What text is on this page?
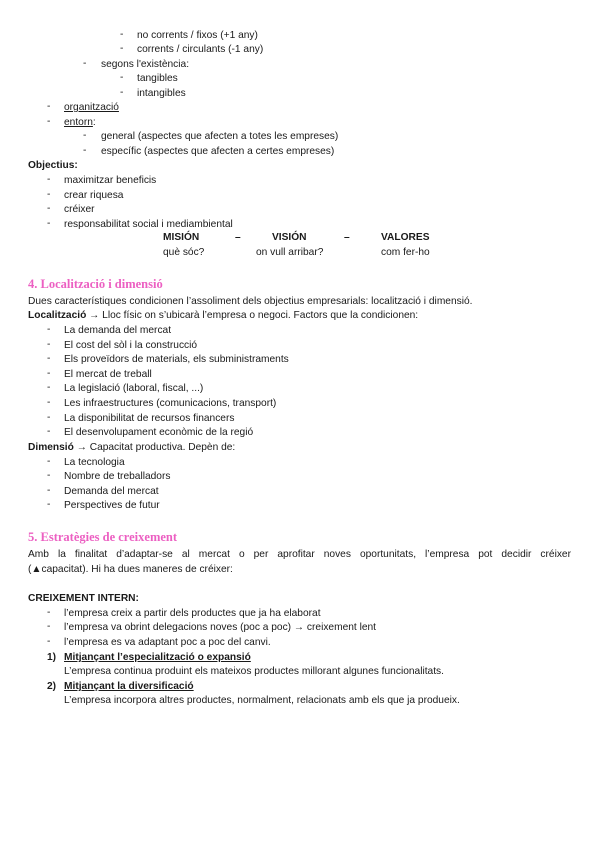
- no corrents / fixos (+1 any)
- corrents / circulants (-1 any)
- segons l'existència:
- tangibles
- intangibles
- organització
- entorn:
- general (aspectes que afecten a totes les empreses)
- específic (aspectes que afecten a certes empreses)
Objectius:
- maximitzar beneficis
- crear riquesa
- créixer
- responsabilitat social i mediambiental
MISIÓN	–	VISIÓN	–	VALORES
què sóc?	on vull arribar?	com fer-ho
4. Localització i dimensió
Dues característiques condicionen l’assoliment dels objectius empresarials: localització i dimensió.
Localització → Lloc físic on s’ubicarà l’empresa o negoci. Factors que la condicionen:
- La demanda del mercat
- El cost del sòl i la construcció
- Els proveïdors de materials, els subministraments
- El mercat de treball
- La legislació (laboral, fiscal, ...)
- Les infraestructures (comunicacions, transport)
- La disponibilitat de recursos financers
- El desenvolupament econòmic de la regió
Dimensió → Capacitat productiva. Depèn de:
- La tecnologia
- Nombre de treballadors
- Demanda del mercat
- Perspectives de futur
5. Estratègies de creixement
Amb la finalitat d’adaptar-se al mercat o per aprofitar noves oportunitats, l’empresa pot decidir créixer
(▲capacitat). Hi ha dues maneres de créixer:
CREIXEMENT INTERN:
- l’empresa creix a partir dels productes que ja ha elaborat
- l’empresa va obrint delegacions noves (poc a poc) → creixement lent
- l’empresa es va adaptant poc a poc del canvi.
1) Mitjançant l’especialització o expansió
L’empresa continua produint els mateixos productes millorant algunes funcionalitats.
2) Mitjançant la diversificació
L’empresa incorpora altres productes, normalment, relacionats amb els que ja produeix.
